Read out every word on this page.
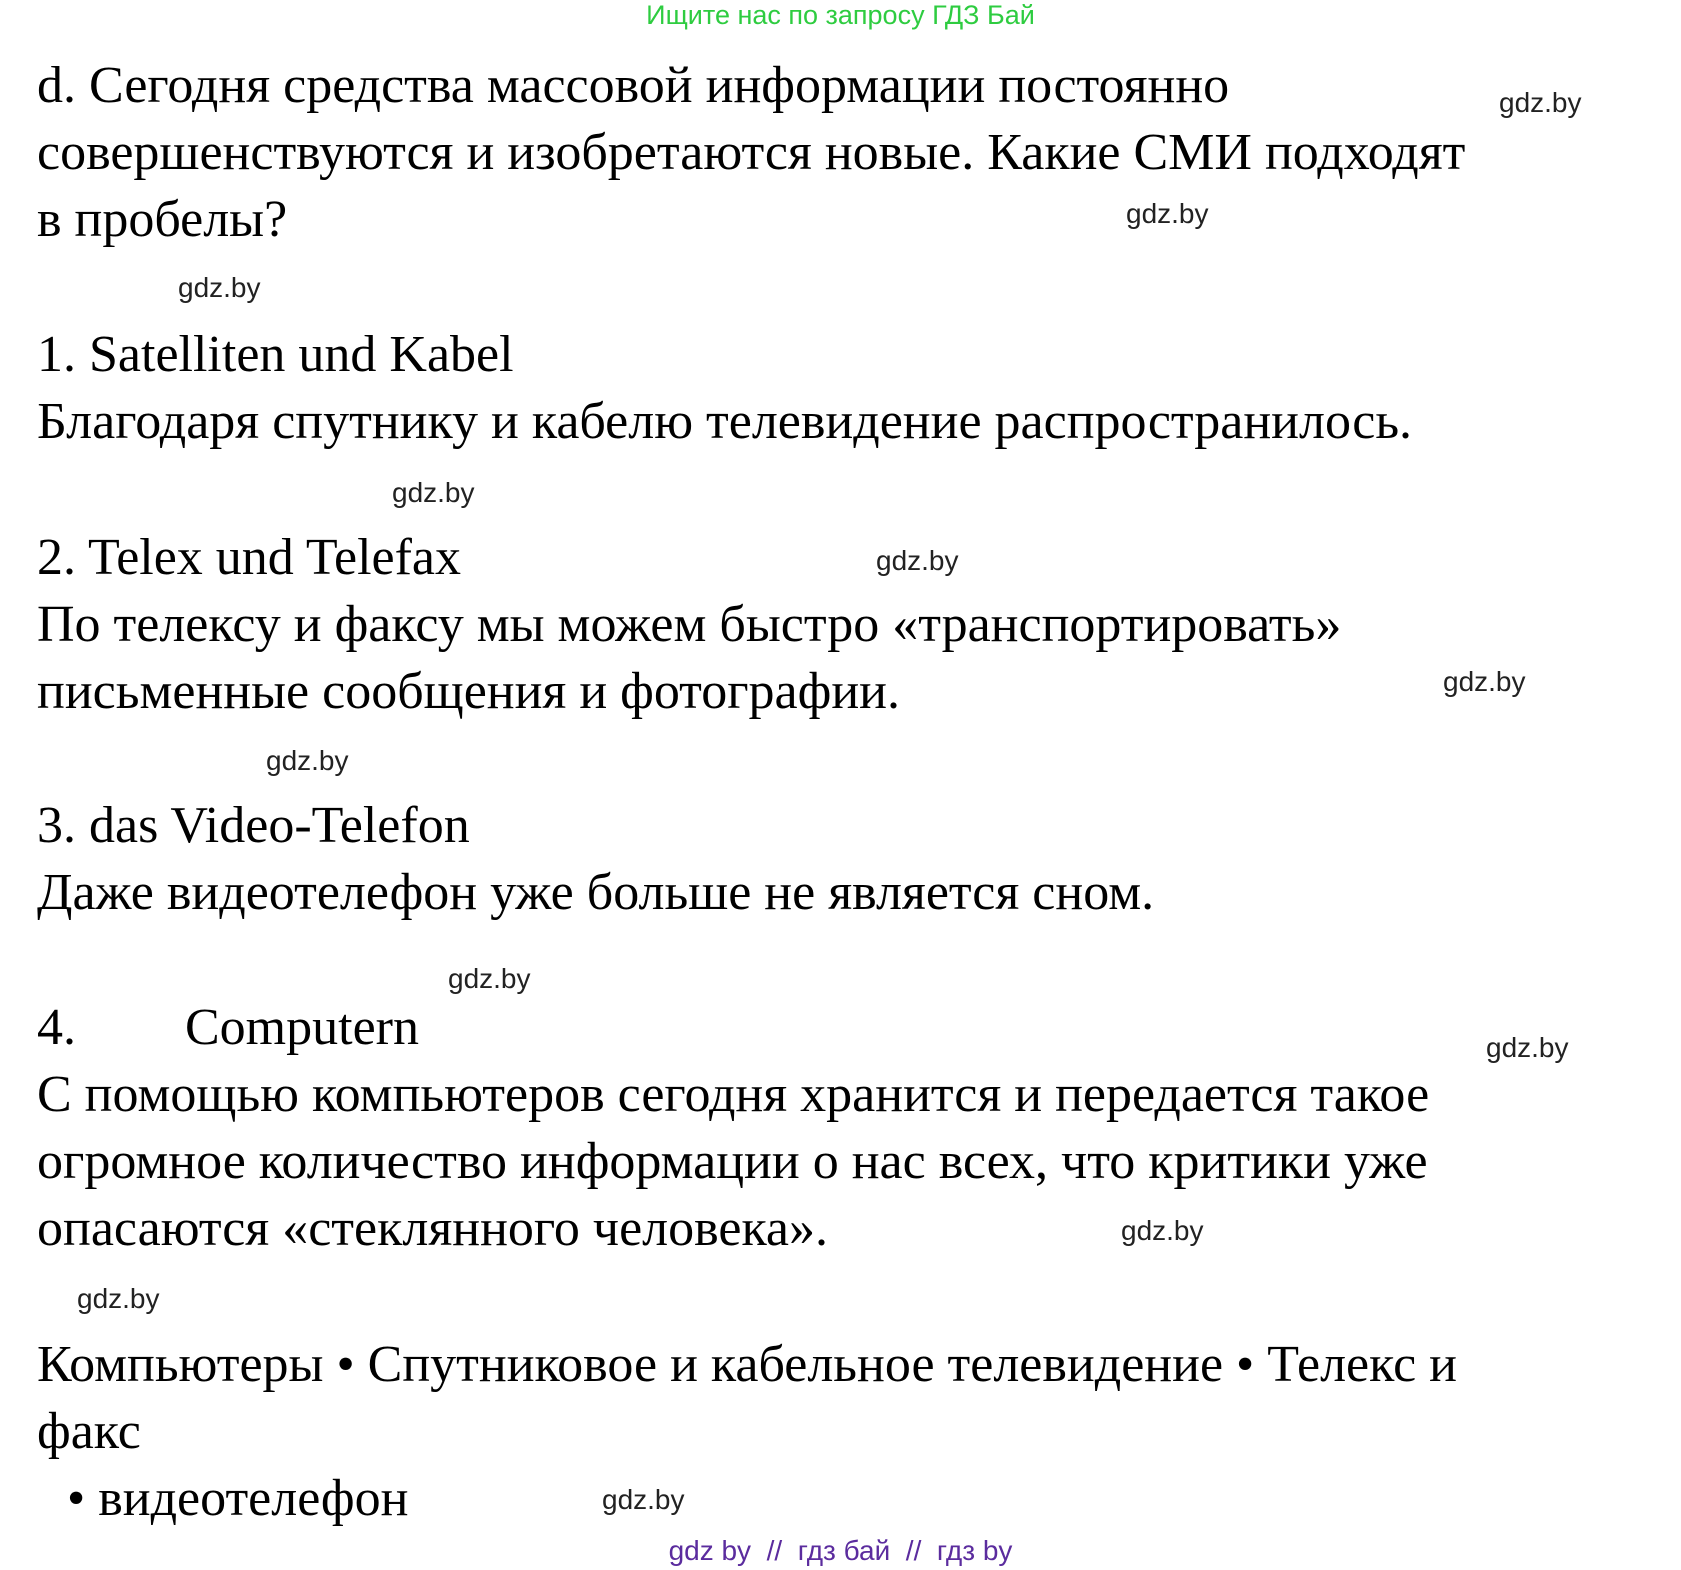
Ищите нас по запросу ГДЗ Бай
d. Сегодня средства массовой информации постоянно
совершенствуются и изобретаются новые. Какие СМИ подходят
в пробелы?
1. Satelliten und Kabel
Благодаря спутнику и кабелю телевидение распространилось.
2. Telex und Telefax
По телексу и факсу мы можем быстро «транспортировать»
письменные сообщения и фотографии.
3. das Video-Telefon
Даже видеотелефон уже больше не является сном.
4. Computern
С помощью компьютеров сегодня хранится и передается такое
огромное количество информации о нас всех, что критики уже
опасаются «стеклянного человека».
Компьютеры • Спутниковое и кабельное телевидение • Телекс и
факс
• видеотелефон
gdz.by
gdz.by
gdz.by
gdz.by
gdz.by
gdz.by
gdz.by
gdz.by
gdz.by
gdz.by
gdz.by
gdz.by
gdz by  //  гдз бай  //  гдз by
